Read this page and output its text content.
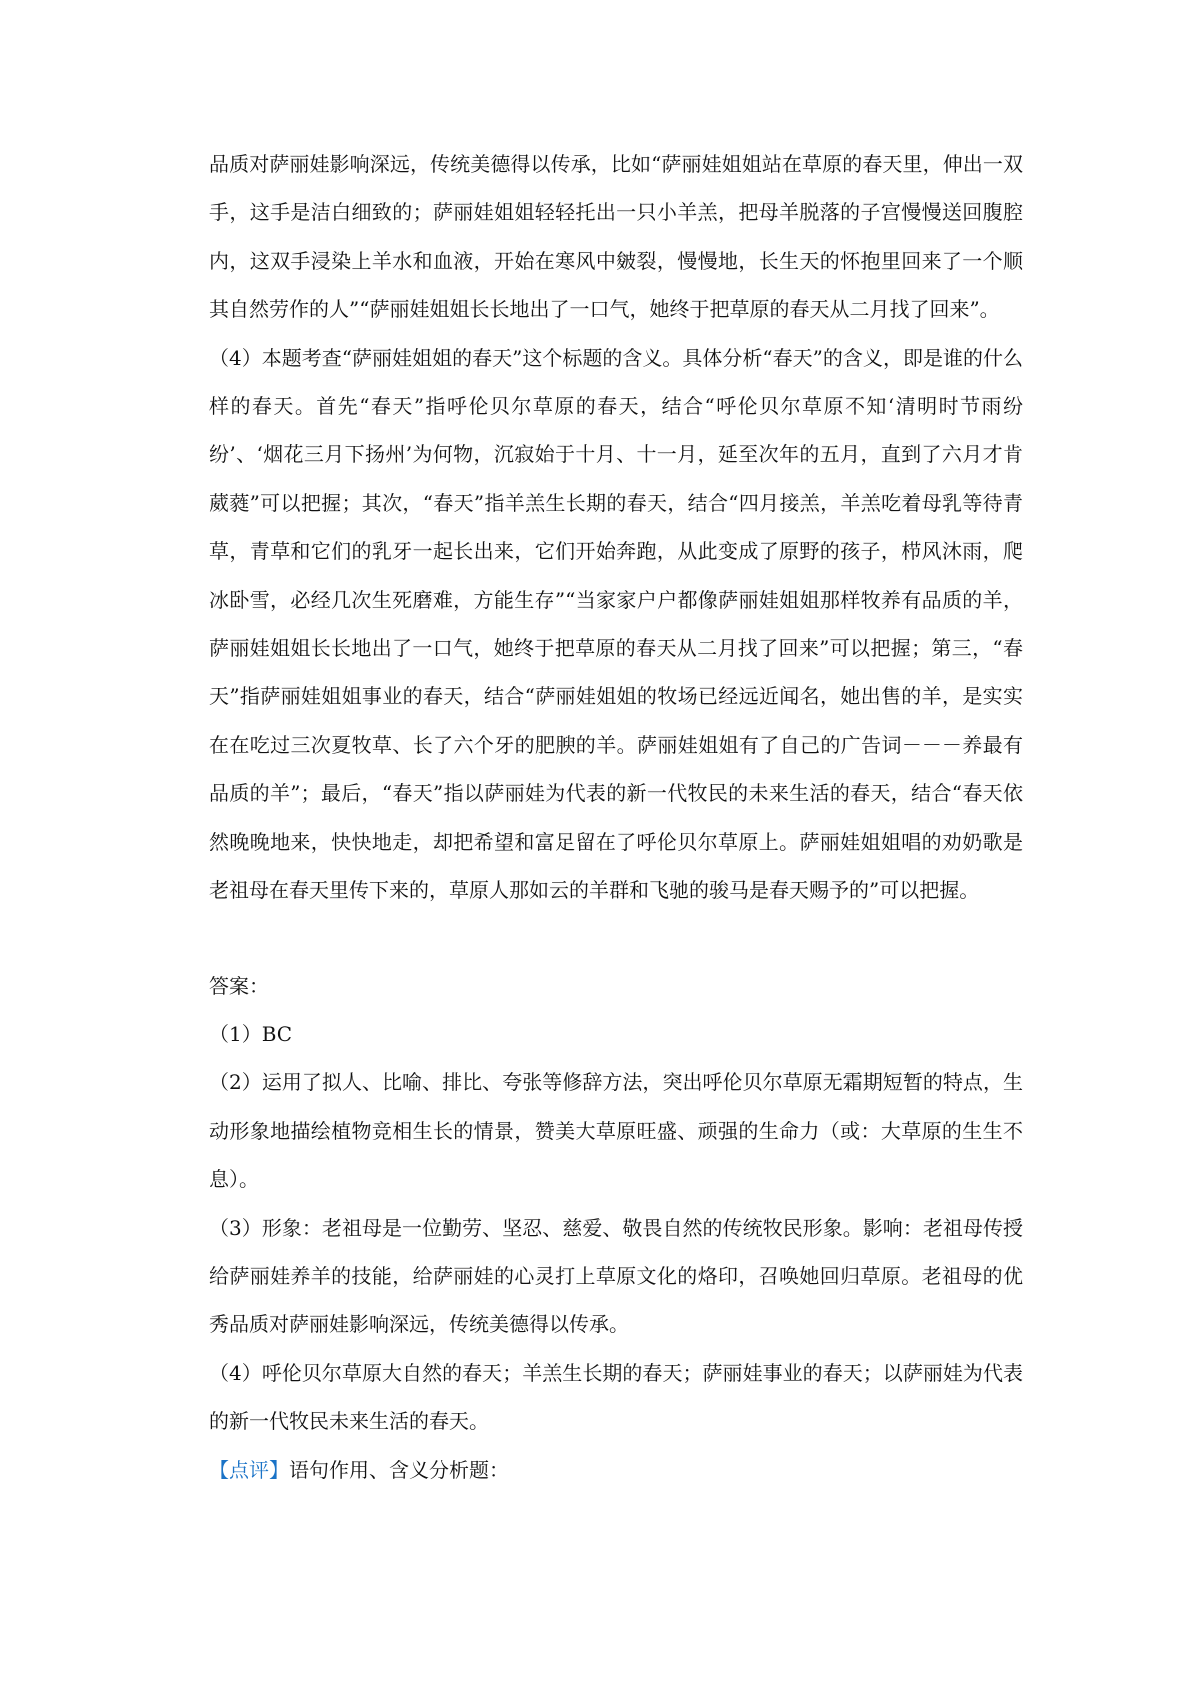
品质对萨丽娃影响深远，传统美德得以传承，比如“萨丽娃姐姐站在草原的春天里，伸出一双手，这手是洁白细致的；萨丽娃姐姐轻轻托出一只小羊羔，把母羊脱落的子宫慢慢送回腹腔内，这双手浸染上羊水和血液，开始在寒风中皴裂，慢慢地，长生天的怀抱里回来了一个顺其自然劳作的人”“萨丽娃姐姐长长地出了一口气，她终于把草原的春天从二月找了回来”。

（4）本题考查“萨丽娃姐姐的春天”这个标题的含义。具体分析“春天”的含义，即是谁的什么样的春天。首先“春天”指呼伦贝尔草原的春天，结合“呼伦贝尔草原不知‘清明时节雨纷纷’、‘烟花三月下扬州’为何物，沉寂始于十月、十一月，延至次年的五月，直到了六月才肯葳蕤”可以把握；其次，“春天”指羊羔生长期的春天，结合“四月接羔，羊羔吃着母乳等待青草，青草和它们的乳牙一起长出来，它们开始奔跑，从此变成了原野的孩子，栉风沐雨，爬冰卧雪，必经几次生死磨难，方能生存”“当家家户户都像萨丽娃姐姐那样牧养有品质的羊，萨丽娃姐姐长长地出了一口气，她终于把草原的春天从二月找了回来”可以把握；第三，“春天”指萨丽娃姐姐事业的春天，结合“萨丽娃姐姐的牧场已经远近闻名，她出售的羊，是实实在在吃过三次夏牧草、长了六个牙的肥腴的羊。萨丽娃姐姐有了自己的广告词－－－养最有品质的羊”；最后，“春天”指以萨丽娃为代表的新一代牧民的未来生活的春天，结合“春天依然晚晚地来，快快地走，却把希望和富足留在了呼伦贝尔草原上。萨丽娃姐姐唱的劝奶歌是老祖母在春天里传下来的，草原人那如云的羊群和飞驰的骏马是春天赐予的”可以把握。

答案：

（1）BC

（2）运用了拟人、比喻、排比、夸张等修辞方法，突出呼伦贝尔草原无霜期短暂的特点，生动形象地描绘植物竞相生长的情景，赞美大草原旺盛、顽强的生命力（或：大草原的生生不息）。

（3）形象：老祖母是一位勤劳、坚忍、慈爱、敬畏自然的传统牧民形象。影响：老祖母传授给萨丽娃养羊的技能，给萨丽娃的心灵打上草原文化的烙印，召唤她回归草原。老祖母的优秀品质对萨丽娃影响深远，传统美德得以传承。

（4）呼伦贝尔草原大自然的春天；羊羔生长期的春天；萨丽娃事业的春天；以萨丽娃为代表的新一代牧民未来生活的春天。

【点评】语句作用、含义分析题：
